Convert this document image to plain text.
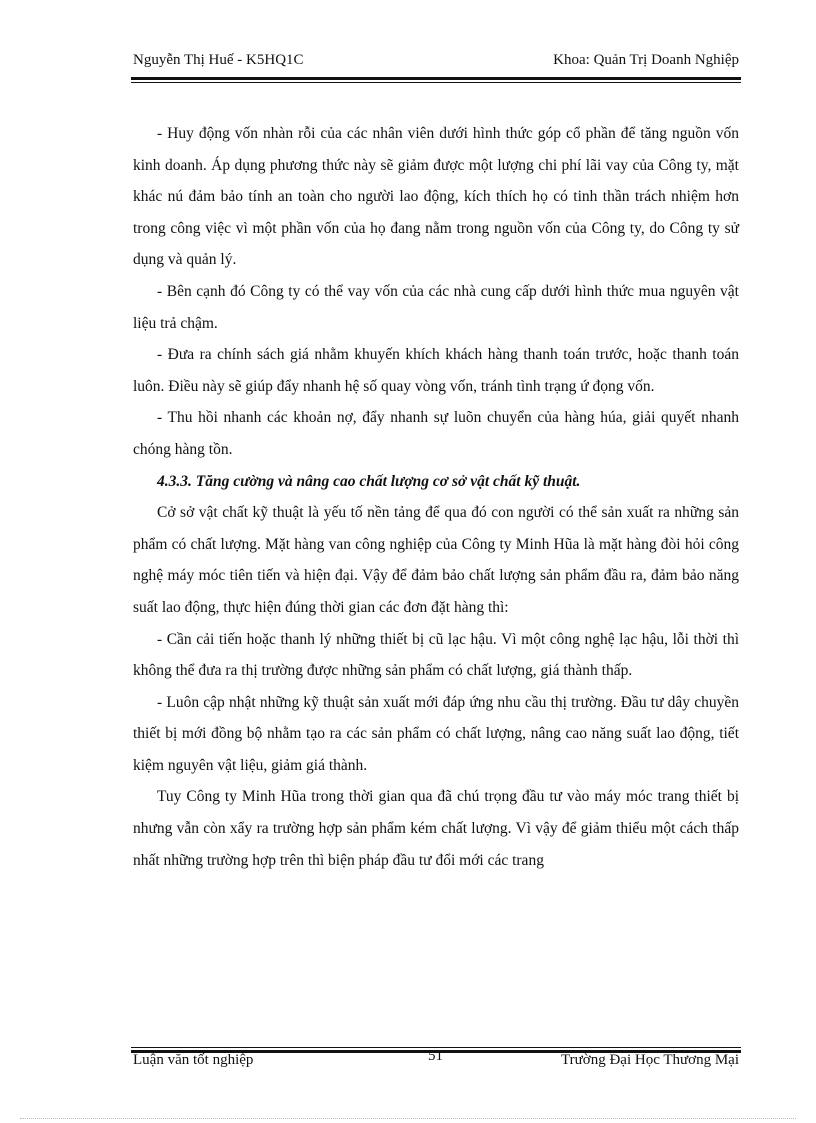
Nguyễn Thị Huế - K5HQ1C	Khoa: Quản Trị Doanh Nghiệp

- Huy động vốn nhàn rỗi của các nhân viên dưới hình thức góp cổ phần để tăng nguồn vốn kinh doanh. Áp dụng phương thức này sẽ giảm được một lượng chi phí lãi vay của Công ty, mặt khác nú đảm bảo tính an toàn cho người lao động, kích thích họ có tinh thần trách nhiệm hơn trong công việc vì một phần vốn của họ đang nằm trong nguồn vốn của Công ty, do Công ty sử dụng và quản lý.

- Bên cạnh đó Công ty có thể vay vốn của các nhà cung cấp dưới hình thức mua nguyên vật liệu trả chậm.

- Đưa ra chính sách giá nhằm khuyến khích khách hàng thanh toán trước, hoặc thanh toán luôn. Điều này sẽ giúp đẩy nhanh hệ số quay vòng vốn, tránh tình trạng ứ đọng vốn.

- Thu hồi nhanh các khoản nợ, đẩy nhanh sự luõn chuyển của hàng húa, giải quyết nhanh chóng hàng tồn.

4.3.3. Tăng cường và nâng cao chất lượng cơ sở vật chất kỹ thuật.

Cở sở vật chất kỹ thuật là yếu tố nền tảng để qua đó con người có thể sản xuất ra những sản phẩm có chất lượng. Mặt hàng van công nghiệp của Công ty Minh Hũa là mặt hàng đòi hỏi công nghệ máy móc tiên tiến và hiện đại. Vậy để đảm bảo chất lượng sản phẩm đầu ra, đảm bảo năng suất lao động, thực hiện đúng thời gian các đơn đặt hàng thì:

- Cần cải tiến hoặc thanh lý những thiết bị cũ lạc hậu. Vì một công nghệ lạc hậu, lỗi thời thì không thể đưa ra thị trường được những sản phẩm có chất lượng, giá thành thấp.

- Luôn cập nhật những kỹ thuật sản xuất mới đáp ứng nhu cầu thị trường. Đầu tư dây chuyền thiết bị mới đồng bộ nhằm tạo ra các sản phẩm có chất lượng, nâng cao năng suất lao động, tiết kiệm nguyên vật liệu, giảm giá thành.

Tuy Công ty Minh Hũa trong thời gian qua đã chú trọng đầu tư vào máy móc trang thiết bị nhưng vẫn còn xẩy ra trường hợp sản phẩm kém chất lượng. Vì vậy để giảm thiểu một cách thấp nhất những trường hợp trên thì biện pháp đầu tư đổi mới các trang

Luận văn tốt nghiệp	51	Trường Đại Học Thương Mại
